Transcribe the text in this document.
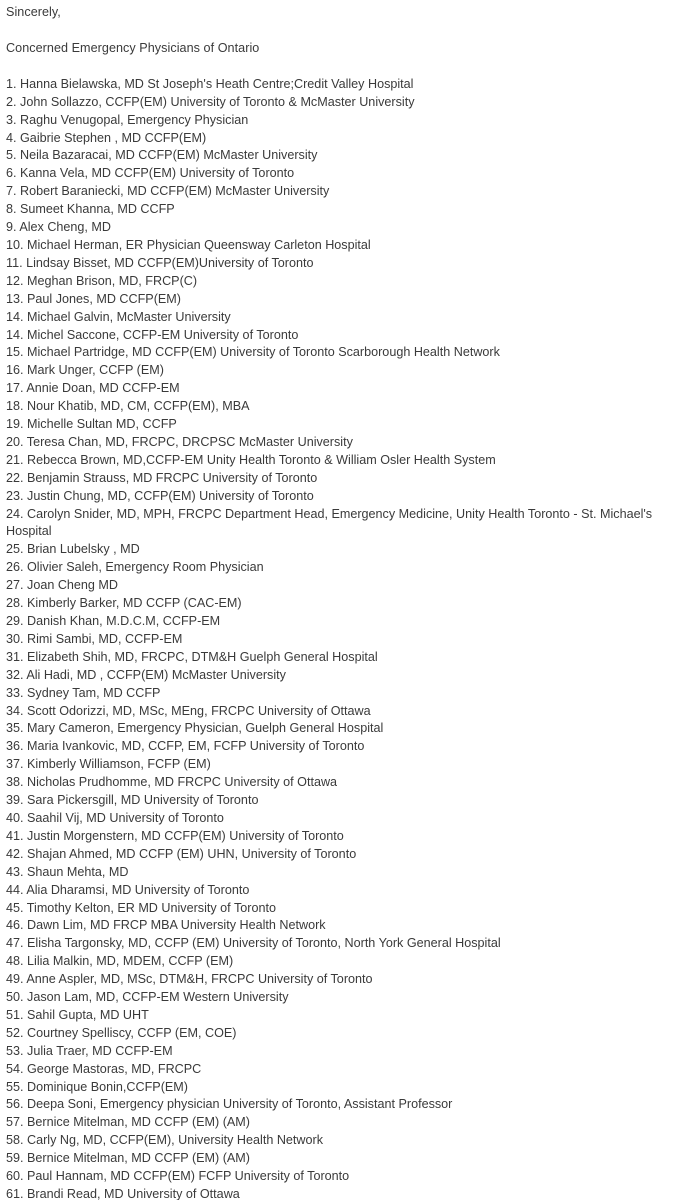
Sincerely,
Concerned Emergency Physicians of Ontario
1 . Hanna Bielawska, MD St Joseph's Heath Centre;Credit Valley Hospital
2 . John Sollazzo, CCFP(EM) University of Toronto & McMaster University
3 . Raghu Venugopal, Emergency Physician
4 . Gaibrie Stephen , MD CCFP(EM)
5 . Neila Bazaracai, MD CCFP(EM) McMaster University
6 . Kanna Vela, MD CCFP(EM) University of Toronto
7 . Robert Baraniecki, MD CCFP(EM) McMaster University
8 . Sumeet Khanna, MD CCFP
9 . Alex Cheng, MD
10 . Michael Herman, ER Physician Queensway Carleton Hospital
11 . Lindsay Bisset, MD CCFP(EM)University of Toronto
12 . Meghan Brison, MD, FRCP(C)
13 . Paul Jones, MD CCFP(EM)
14 . Michael Galvin, McMaster University
14 . Michel Saccone, CCFP-EM University of Toronto
15 . Michael Partridge, MD CCFP(EM) University of Toronto Scarborough Health Network
16 . Mark Unger, CCFP (EM)
17 . Annie Doan, MD CCFP-EM
18 . Nour Khatib, MD, CM, CCFP(EM), MBA
19 . Michelle Sultan MD, CCFP
20 . Teresa Chan, MD, FRCPC, DRCPSC McMaster University
21 . Rebecca Brown, MD,CCFP-EM Unity Health Toronto & William Osler Health System
22 . Benjamin Strauss, MD FRCPC University of Toronto
23 . Justin Chung, MD, CCFP(EM) University of Toronto
24 . Carolyn Snider, MD, MPH, FRCPC Department Head, Emergency Medicine, Unity Health Toronto - St. Michael's Hospital
25 . Brian Lubelsky , MD
26 . Olivier Saleh, Emergency Room Physician
27 . Joan Cheng MD
28 . Kimberly Barker, MD CCFP (CAC-EM)
29 . Danish Khan, M.D.C.M, CCFP-EM
30 . Rimi Sambi, MD, CCFP-EM
31 . Elizabeth Shih, MD, FRCPC, DTM&H Guelph General Hospital
32 . Ali Hadi, MD , CCFP(EM) McMaster University
33 . Sydney Tam, MD CCFP
34 . Scott Odorizzi, MD, MSc, MEng, FRCPC University of Ottawa
35 . Mary Cameron, Emergency Physician, Guelph General Hospital
36 . Maria Ivankovic, MD, CCFP, EM, FCFP University of Toronto
37 . Kimberly Williamson, FCFP (EM)
38 . Nicholas Prudhomme, MD FRCPC University of Ottawa
39 . Sara Pickersgill, MD University of Toronto
40 . Saahil Vij, MD University of Toronto
41 . Justin Morgenstern, MD CCFP(EM) University of Toronto
42 . Shajan Ahmed, MD CCFP (EM) UHN, University of Toronto
43 . Shaun Mehta, MD
44 . Alia Dharamsi, MD University of Toronto
45 . Timothy Kelton, ER MD University of Toronto
46 . Dawn Lim, MD FRCP MBA University Health Network
47 . Elisha Targonsky, MD, CCFP (EM) University of Toronto, North York General Hospital
48 . Lilia Malkin, MD, MDEM, CCFP (EM)
49 . Anne Aspler, MD, MSc, DTM&H, FRCPC University of Toronto
50 . Jason Lam, MD, CCFP-EM Western University
51 . Sahil Gupta, MD UHT
52 . Courtney Spelliscy, CCFP (EM, COE)
53 . Julia Traer, MD CCFP-EM
54 . George Mastoras, MD, FRCPC
55 . Dominique Bonin,CCFP(EM)
56 . Deepa Soni, Emergency physician University of Toronto, Assistant Professor
57 . Bernice Mitelman, MD CCFP (EM) (AM)
58 . Carly Ng, MD, CCFP(EM), University Health Network
59 . Bernice Mitelman, MD CCFP (EM) (AM)
60 . Paul Hannam, MD CCFP(EM) FCFP University of Toronto
61 . Brandi Read, MD University of Ottawa
